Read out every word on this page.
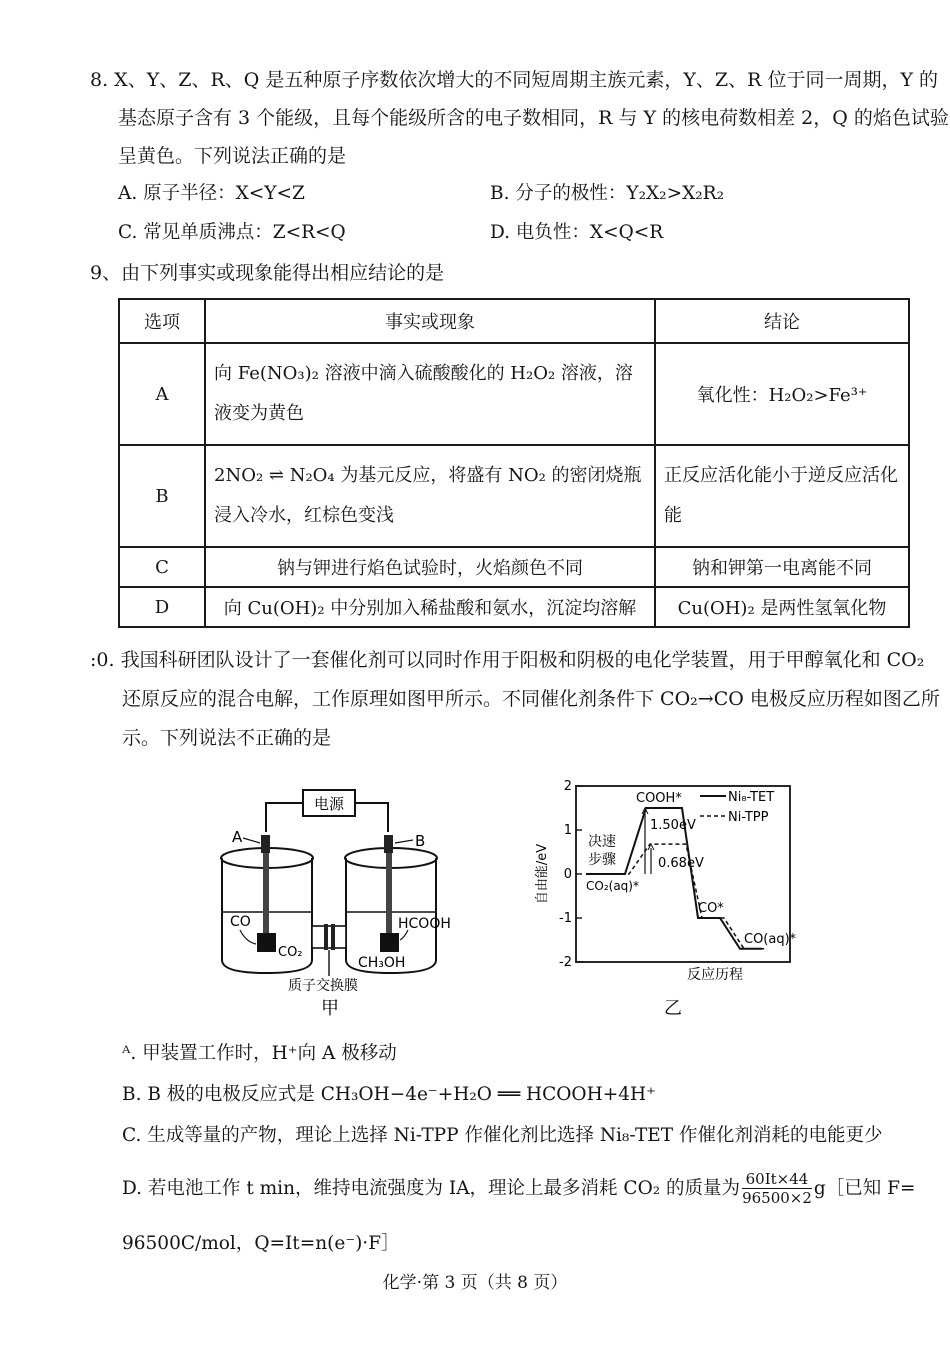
8. X、Y、Z、R、Q 是五种原子序数依次增大的不同短周期主族元素，Y、Z、R 位于同一周期，Y 的
基态原子含有 3 个能级，且每个能级所含的电子数相同，R 与 Y 的核电荷数相差 2，Q 的焰色试验
呈黄色。下列说法正确的是
A. 原子半径：X<Y<Z	B. 分子的极性：Y₂X₂>X₂R₂
C. 常见单质沸点：Z<R<Q	D. 电负性：X<Q<R
9、由下列事实或现象能得出相应结论的是
选项	事实或现象	结论
A	向 Fe(NO₃)₂ 溶液中滴入硫酸酸化的 H₂O₂ 溶液，溶液变为黄色	氧化性：H₂O₂>Fe³⁺
B	2NO₂ ⇌ N₂O₄ 为基元反应，将盛有 NO₂ 的密闭烧瓶浸入冷水，红棕色变浅	正反应活化能小于逆反应活化能
C	钠与钾进行焰色试验时，火焰颜色不同	钠和钾第一电离能不同
D	向 Cu(OH)₂ 中分别加入稀盐酸和氨水，沉淀均溶解	Cu(OH)₂ 是两性氢氧化物
:0. 我国科研团队设计了一套催化剂可以同时作用于阳极和阴极的电化学装置，用于甲醇氧化和 CO₂
还原反应的混合电解，工作原理如图甲所示。不同催化剂条件下 CO₂→CO 电极反应历程如图乙所
示。下列说法不正确的是
电源
A	B
CO
CO₂
HCOOH
CH₃OH
质子交换膜
甲
-2
-1
0
1
2
自由能/eV
反应历程
乙
Ni₈-TET
Ni-TPP
决速
步骤
1.50eV
0.68eV
CO₂(aq)*
COOH*
CO*
CO(aq)*
ᴬ. 甲装置工作时，H⁺向 A 极移动
B. B 极的电极反应式是 CH₃OH−4e⁻+H₂O ══ HCOOH+4H⁺
C. 生成等量的产物，理论上选择 Ni-TPP 作催化剂比选择 Ni₈-TET 作催化剂消耗的电能更少
D. 若电池工作 t min，维持电流强度为 IA，理论上最多消耗 CO₂ 的质量为 $\frac{60It\times 44}{96500\times 2}$ g［已知 F=
96500C/mol，Q=It=n(e⁻)·F］
化学·第 3 页（共 8 页）
